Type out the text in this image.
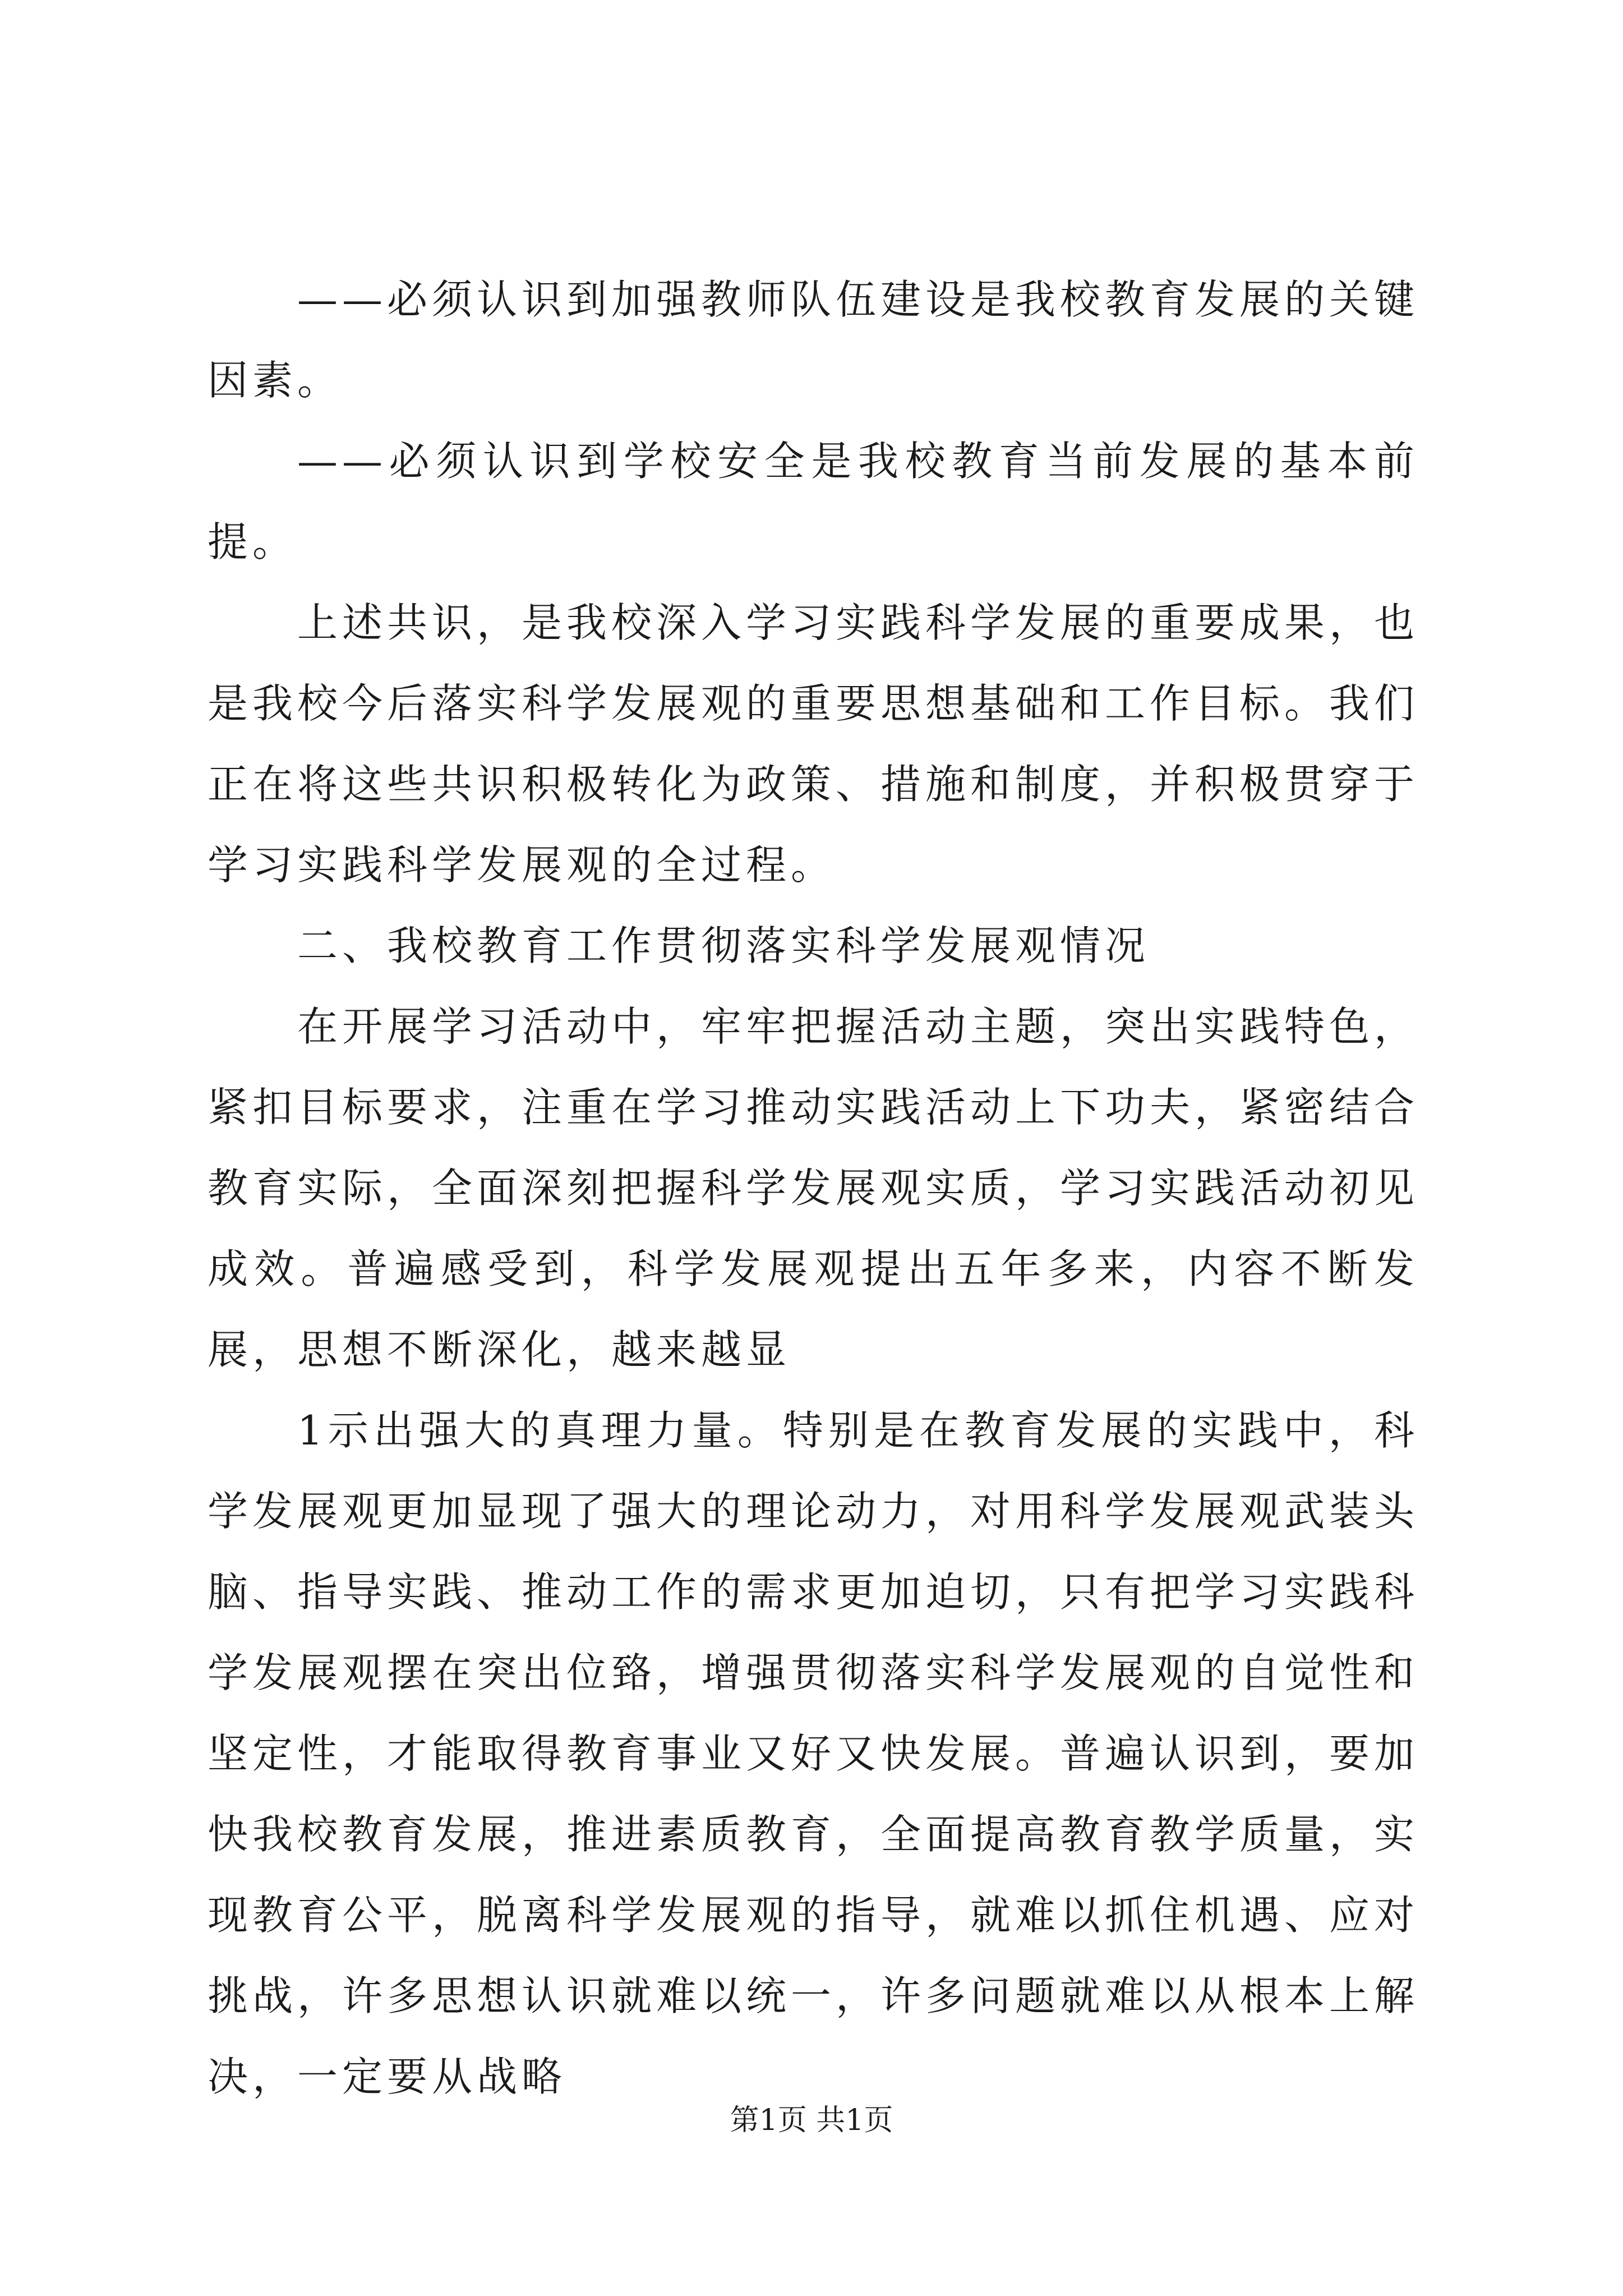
——必须认识到加强教师队伍建设是我校教育发展的关键因素。

——必须认识到学校安全是我校教育当前发展的基本前提。

上述共识，是我校深入学习实践科学发展的重要成果，也是我校今后落实科学发展观的重要思想基础和工作目标。我们正在将这些共识积极转化为政策、措施和制度，并积极贯穿于学习实践科学发展观的全过程。

二、我校教育工作贯彻落实科学发展观情况

在开展学习活动中，牢牢把握活动主题，突出实践特色，紧扣目标要求，注重在学习推动实践活动上下功夫，紧密结合教育实际，全面深刻把握科学发展观实质，学习实践活动初见成效。普遍感受到，科学发展观提出五年多来，内容不断发展，思想不断深化，越来越显

1示出强大的真理力量。特别是在教育发展的实践中，科学发展观更加显现了强大的理论动力，对用科学发展观武装头脑、指导实践、推动工作的需求更加迫切，只有把学习实践科学发展观摆在突出位臵，增强贯彻落实科学发展观的自觉性和坚定性，才能取得教育事业又好又快发展。普遍认识到，要加快我校教育发展，推进素质教育，全面提高教育教学质量，实现教育公平，脱离科学发展观的指导，就难以抓住机遇、应对挑战，许多思想认识就难以统一，许多问题就难以从根本上解决，一定要从战略

第1页 共1页
